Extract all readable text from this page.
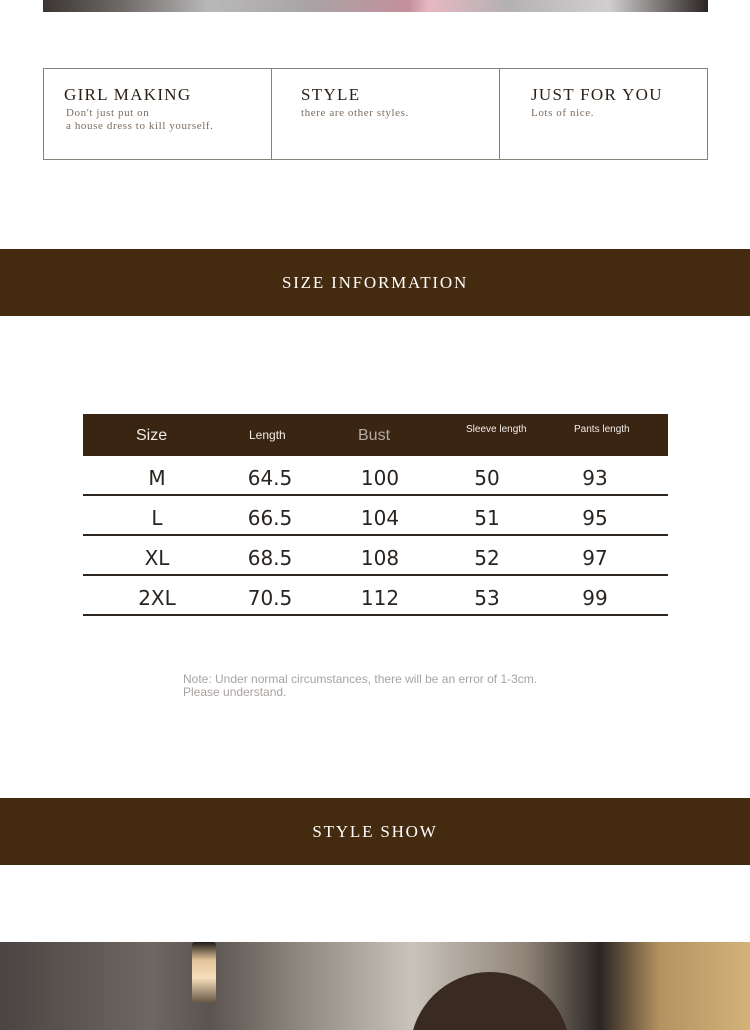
GIRL MAKING
Don't just put on
a house dress to kill yourself.
STYLE
there are other styles.
JUST FOR YOU
Lots of nice.
SIZE INFORMATION
Size	Length	Bust	Sleeve length	Pants length
M	64.5	100	50	93
L	66.5	104	51	95
XL	68.5	108	52	97
2XL	70.5	112	53	99
Note: Under normal circumstances, there will be an error of 1-3cm.
Please understand.
STYLE SHOW
